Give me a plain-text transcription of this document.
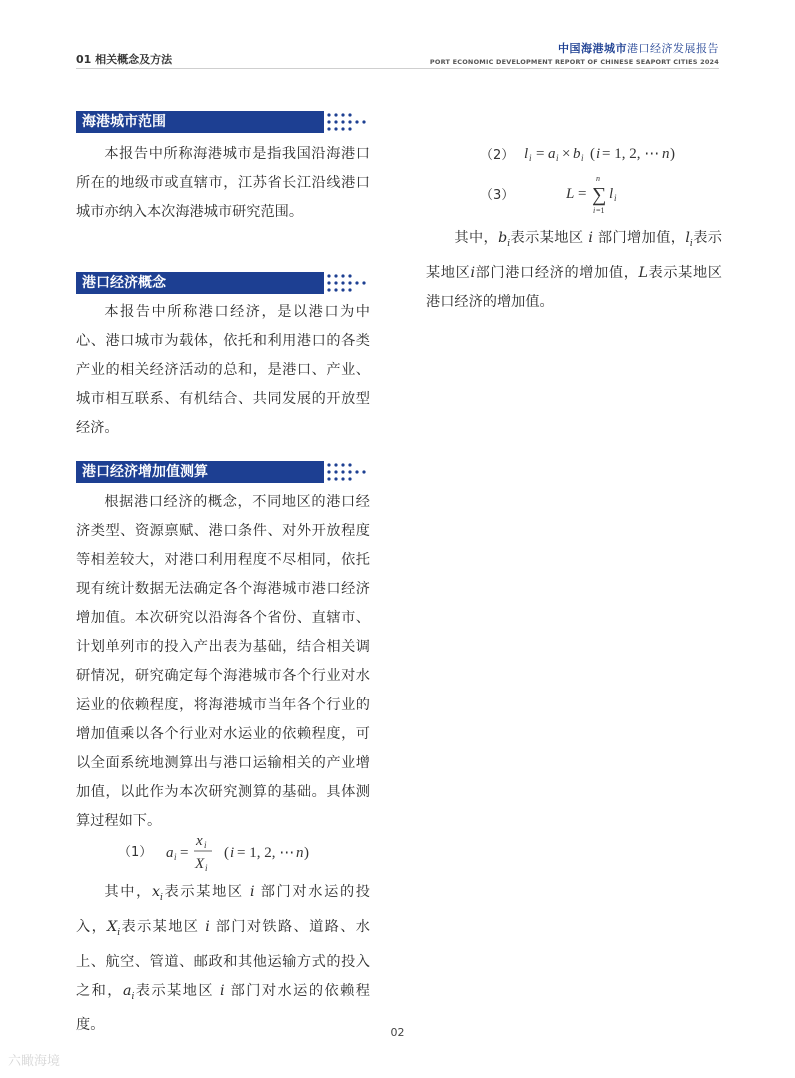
01 相关概念及方法
中国海港城市港口经济发展报告
PORT ECONOMIC DEVELOPMENT REPORT OF CHINESE SEAPORT CITIES 2024
海港城市范围
本报告中所称海港城市是指我国沿海港口所在的地级市或直辖市，江苏省长江沿线港口城市亦纳入本次海港城市研究范围。
港口经济概念
本报告中所称港口经济，是以港口为中心、港口城市为载体，依托和利用港口的各类产业的相关经济活动的总和，是港口、产业、城市相互联系、有机结合、共同发展的开放型经济。
港口经济增加值测算
根据港口经济的概念，不同地区的港口经济类型、资源禀赋、港口条件、对外开放程度等相差较大，对港口利用程度不尽相同，依托现有统计数据无法确定各个海港城市港口经济增加值。本次研究以沿海各个省份、直辖市、计划单列市的投入产出表为基础，结合相关调研情况，研究确定每个海港城市各个行业对水运业的依赖程度，将海港城市当年各个行业的增加值乘以各个行业对水运业的依赖程度，可以全面系统地测算出与港口运输相关的产业增加值，以此作为本次研究测算的基础。具体测算过程如下。
（1） a i =
x i
X i
( i = 1, 2, ⋯ n )
其中，$x_i$表示某地区 i 部门对水运的投入，$X_i$表示某地区 i 部门对铁路、道路、水上、航空、管道、邮政和其他运输方式的投入之和，$a_i$表示某地区 i 部门对水运的依赖程度。
（2） l i = a i × b i ( i = 1, 2, ⋯ n )
（3）	L =
n
∑
i =1
l i
其中，$b_i$表示某地区 i 部门增加值，$l_i$表示某地区i部门港口经济的增加值，L表示某地区港口经济的增加值。
02
六瞰海境
